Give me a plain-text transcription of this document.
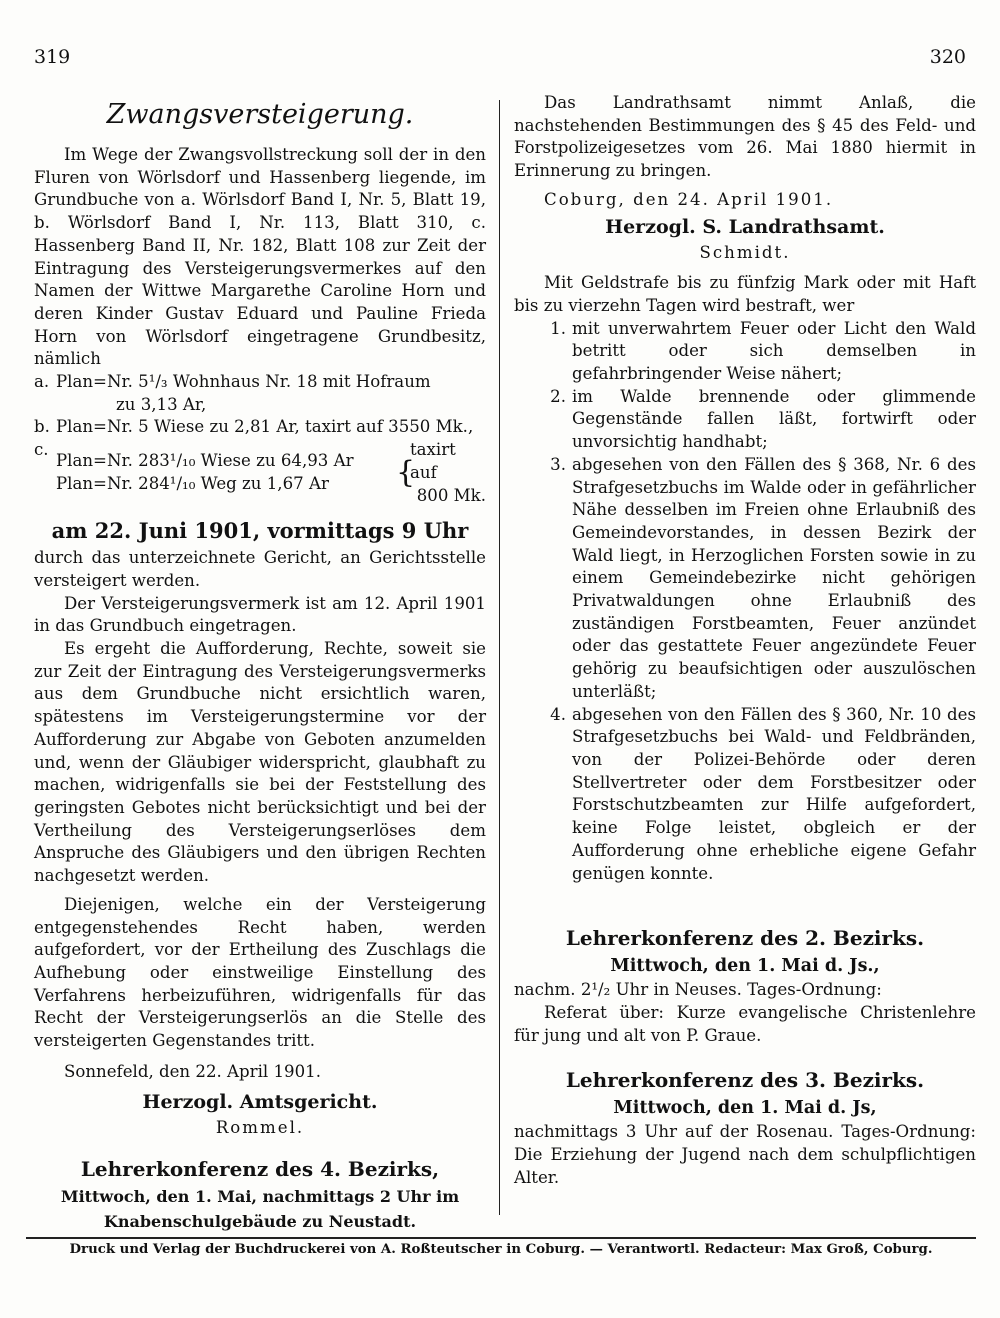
319	320

Zwangsversteigerung.

Im Wege der Zwangsvollstreckung soll der in den Fluren von Wörlsdorf und Hassenberg liegende, im Grundbuche von a. Wörlsdorf Band I, Nr. 5, Blatt 19, b. Wörlsdorf Band I, Nr. 113, Blatt 310, c. Hassenberg Band II, Nr. 182, Blatt 108 zur Zeit der Eintragung des Versteigerungsvermerkes auf den Namen der Wittwe Margarethe Caroline Horn und deren Kinder Gustav Eduard und Pauline Frieda Horn von Wörlsdorf eingetragene Grundbesitz, nämlich

a. Plan=Nr. 5¹/₃ Wohnhaus Nr. 18 mit Hofraum
zu 3,13 Ar,
b. Plan=Nr. 5 Wiese zu 2,81 Ar, taxirt auf 3550 Mk.,
c.
Plan=Nr. 283¹/₁₀ Wiese zu 64,93 Ar
Plan=Nr. 284¹/₁₀ Weg zu 1,67 Ar	{
taxirt auf
800 Mk.

am 22. Juni 1901, vormittags 9 Uhr

durch das unterzeichnete Gericht, an Gerichtsstelle versteigert werden.

Der Versteigerungsvermerk ist am 12. April 1901 in das Grundbuch eingetragen.

Es ergeht die Aufforderung, Rechte, soweit sie zur Zeit der Eintragung des Versteigerungsvermerks aus dem Grundbuche nicht ersichtlich waren, spätestens im Versteigerungstermine vor der Aufforderung zur Abgabe von Geboten anzumelden und, wenn der Gläubiger widerspricht, glaubhaft zu machen, widrigenfalls sie bei der Feststellung des geringsten Gebotes nicht berücksichtigt und bei der Vertheilung des Versteigerungserlöses dem Anspruche des Gläubigers und den übrigen Rechten nachgesetzt werden.

Diejenigen, welche ein der Versteigerung entgegenstehendes Recht haben, werden aufgefordert, vor der Ertheilung des Zuschlags die Aufhebung oder einstweilige Einstellung des Verfahrens herbeizuführen, widrigenfalls für das Recht der Versteigerungserlös an die Stelle des versteigerten Gegenstandes tritt.

Sonnefeld, den 22. April 1901.

Herzogl. Amtsgericht.

Rommel.

Lehrerkonferenz des 4. Bezirks,

Mittwoch, den 1. Mai, nachmittags 2 Uhr im Knabenschulgebäude zu Neustadt.

Das Landrathsamt nimmt Anlaß, die nachstehenden Bestimmungen des § 45 des Feld- und Forstpolizeigesetzes vom 26. Mai 1880 hiermit in Erinnerung zu bringen.

Coburg, den 24. April 1901.

Herzogl. S. Landrathsamt.

Schmidt.

Mit Geldstrafe bis zu fünfzig Mark oder mit Haft bis zu vierzehn Tagen wird bestraft, wer

1. mit unverwahrtem Feuer oder Licht den Wald betritt oder sich demselben in gefahrbringender Weise nähert;
2. im Walde brennende oder glimmende Gegenstände fallen läßt, fortwirft oder unvorsichtig handhabt;
3. abgesehen von den Fällen des § 368, Nr. 6 des Strafgesetzbuchs im Walde oder in gefährlicher Nähe desselben im Freien ohne Erlaubniß des Gemeindevorstandes, in dessen Bezirk der Wald liegt, in Herzoglichen Forsten sowie in zu einem Gemeindebezirke nicht gehörigen Privatwaldungen ohne Erlaubniß des zuständigen Forstbeamten, Feuer anzündet oder das gestattete Feuer angezündete Feuer gehörig zu beaufsichtigen oder auszulöschen unterläßt;
4. abgesehen von den Fällen des § 360, Nr. 10 des Strafgesetzbuchs bei Wald- und Feldbränden, von der Polizei-Behörde oder deren Stellvertreter oder dem Forstbesitzer oder Forstschutzbeamten zur Hilfe aufgefordert, keine Folge leistet, obgleich er der Aufforderung ohne erhebliche eigene Gefahr genügen konnte.

Lehrerkonferenz des 2. Bezirks.

Mittwoch, den 1. Mai d. Js.,

nachm. 2¹/₂ Uhr in Neuses. Tages-Ordnung:

Referat über: Kurze evangelische Christenlehre für jung und alt von P. Graue.

Lehrerkonferenz des 3. Bezirks.

Mittwoch, den 1. Mai d. Js,

nachmittags 3 Uhr auf der Rosenau. Tages-Ordnung: Die Erziehung der Jugend nach dem schulpflichtigen Alter.

Druck und Verlag der Buchdruckerei von A. Roßteutscher in Coburg. — Verantwortl. Redacteur: Max Groß, Coburg.
